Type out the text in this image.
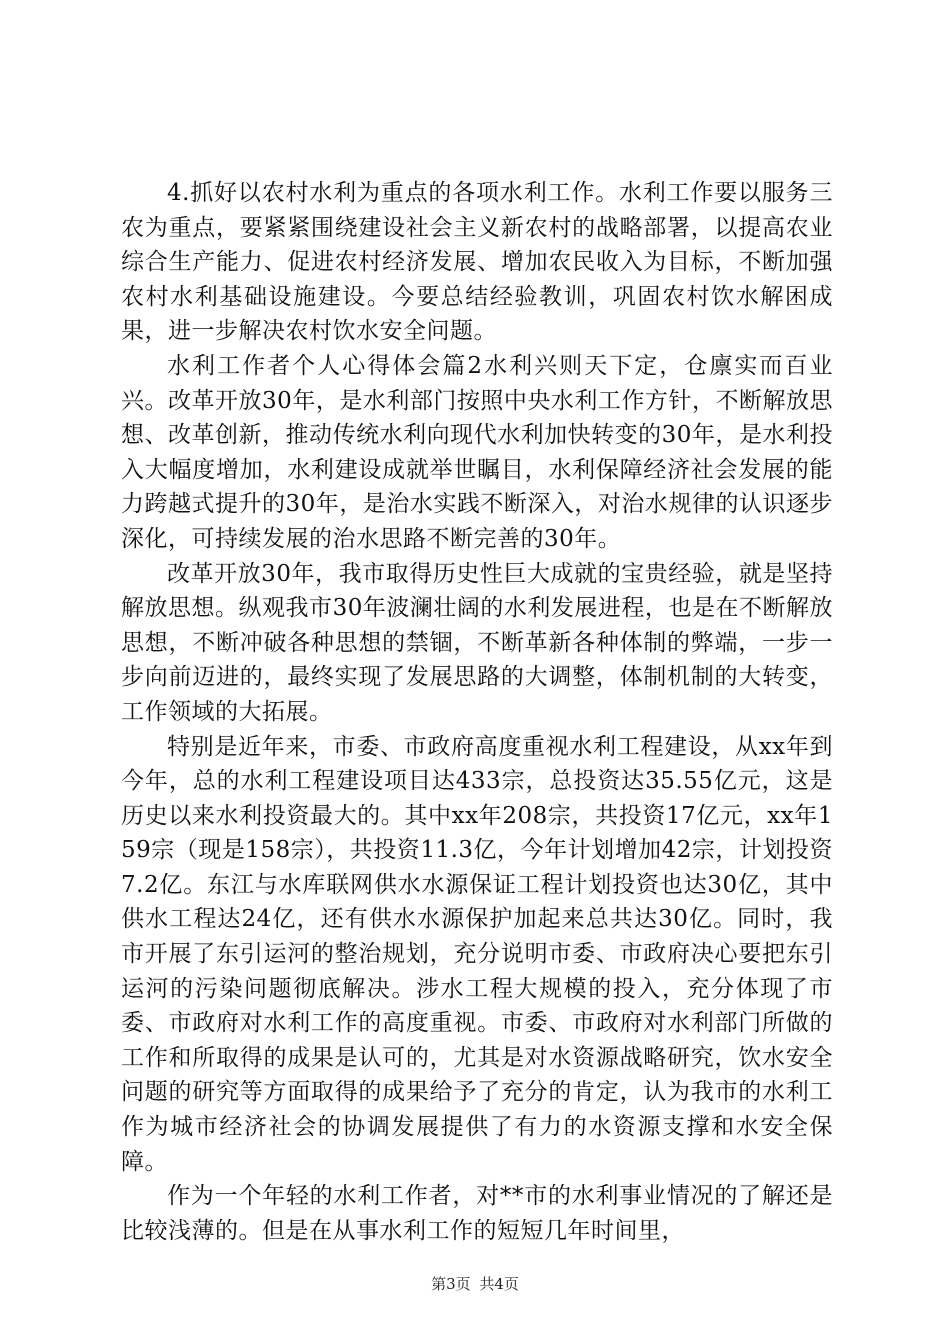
4.抓好以农村水利为重点的各项水利工作。水利工作要以服务三农为重点，要紧紧围绕建设社会主义新农村的战略部署，以提高农业综合生产能力、促进农村经济发展、增加农民收入为目标，不断加强农村水利基础设施建设。今要总结经验教训，巩固农村饮水解困成果，进一步解决农村饮水安全问题。

水利工作者个人心得体会篇2水利兴则天下定，仓廪实而百业兴。改革开放30年，是水利部门按照中央水利工作方针，不断解放思想、改革创新，推动传统水利向现代水利加快转变的30年，是水利投入大幅度增加，水利建设成就举世瞩目，水利保障经济社会发展的能力跨越式提升的30年，是治水实践不断深入，对治水规律的认识逐步深化，可持续发展的治水思路不断完善的30年。

改革开放30年，我市取得历史性巨大成就的宝贵经验，就是坚持解放思想。纵观我市30年波澜壮阔的水利发展进程，也是在不断解放思想，不断冲破各种思想的禁锢，不断革新各种体制的弊端，一步一步向前迈进的，最终实现了发展思路的大调整，体制机制的大转变，工作领域的大拓展。

特别是近年来，市委、市政府高度重视水利工程建设，从xx年到今年，总的水利工程建设项目达433宗，总投资达35.55亿元，这是历史以来水利投资最大的。其中xx年208宗，共投资17亿元，xx年159宗（现是158宗），共投资11.3亿，今年计划增加42宗，计划投资7.2亿。东江与水库联网供水水源保证工程计划投资也达30亿，其中供水工程达24亿，还有供水水源保护加起来总共达30亿。同时，我市开展了东引运河的整治规划，充分说明市委、市政府决心要把东引运河的污染问题彻底解决。涉水工程大规模的投入，充分体现了市委、市政府对水利工作的高度重视。市委、市政府对水利部门所做的工作和所取得的成果是认可的，尤其是对水资源战略研究，饮水安全问题的研究等方面取得的成果给予了充分的肯定，认为我市的水利工作为城市经济社会的协调发展提供了有力的水资源支撑和水安全保障。

作为一个年轻的水利工作者，对**市的水利事业情况的了解还是比较浅薄的。但是在从事水利工作的短短几年时间里，

第3页 共4页
